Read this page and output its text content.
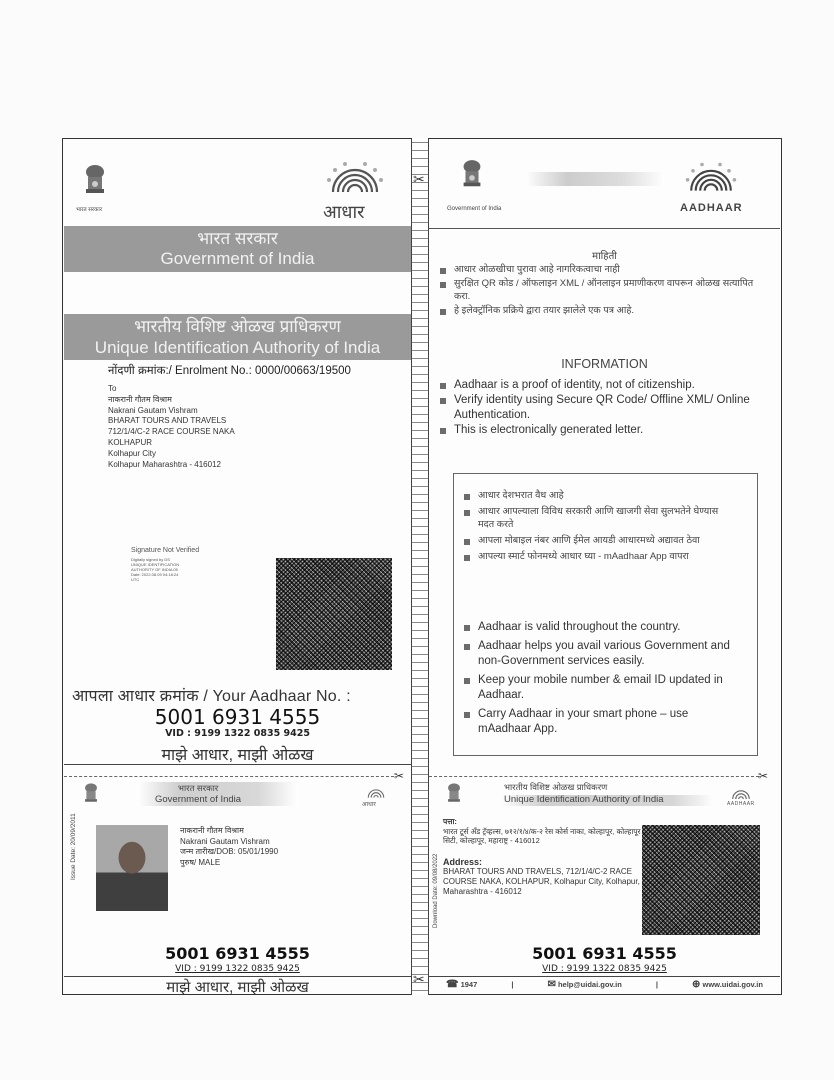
भारत सरकार	आधार
भारत सरकार
Government of India
भारतीय विशिष्ट ओळख प्राधिकरण
Unique Identification Authority of India
नोंदणी क्रमांक:/ Enrolment No.: 0000/00663/19500
To
नाकरानी गौतम विश्राम
Nakrani Gautam Vishram
BHARAT TOURS AND TRAVELS
712/1/4/C-2 RACE COURSE NAKA
KOLHAPUR
Kolhapur City
Kolhapur Maharashtra - 416012
Signature Not Verified
Digitally signed by DS
UNIQUE IDENTIFICATION
AUTHORITY OF INDIA 05
Date: 2022.08.09 04:18:24
UTC
आपला आधार क्रमांक / Your Aadhaar No. :
5001 6931 4555
VID : 9199 1322 0835 9425
माझे आधार, माझी ओळख
✂
भारत सरकार
Government of India	आधार
Issue Date: 20/09/2011	नाकरानी गौतम विश्राम
Nakrani Gautam Vishram
जन्म तारीख/DOB: 05/01/1990
पुरुष/ MALE
5001 6931 4555
VID : 9199 1322 0835 9425
माझे आधार, माझी ओळख
✂
✂
Government of India	AADHAAR
माहिती
आधार ओळखीचा पुरावा आहे नागरिकत्वाचा नाही
सुरक्षित QR कोड / ऑफलाइन XML / ऑनलाइन प्रमाणीकरण वापरून ओळख सत्यापित करा.
हे इलेक्ट्रॉनिक प्रक्रिये द्वारा तयार झालेले एक पत्र आहे.
INFORMATION
Aadhaar is a proof of identity, not of citizenship.
Verify identity using Secure QR Code/ Offline XML/ Online Authentication.
This is electronically generated letter.
आधार देशभरात वैध आहे
आधार आपल्याला विविध सरकारी आणि खाजगी सेवा सुलभतेने घेण्यास मदत करते
आपला मोबाइल नंबर आणि ईमेल आयडी आधारमध्ये अद्यावत ठेवा
आपल्या स्मार्ट फोनमध्ये आधार घ्या - mAadhaar App वापरा
Aadhaar is valid throughout the country.
Aadhaar helps you avail various Government and non-Government services easily.
Keep your mobile number & email ID updated in Aadhaar.
Carry Aadhaar in your smart phone – use mAadhaar App.
✂
भारतीय विशिष्ट ओळख प्राधिकरण
Unique Identification Authority of India	AADHAAR
Download Date: 09/08/2022
पत्ता:
भारत टूर्स अँड ट्रॅव्हल्स, ७१२/१/४/क-२ रेस कोर्स नाका, कोल्हापूर, कोल्हापूर सिटी, कोल्हापूर, महाराष्ट्र - 416012
Address:
BHARAT TOURS AND TRAVELS, 712/1/4/C-2 RACE COURSE NAKA, KOLHAPUR, Kolhapur City, Kolhapur, Maharashtra - 416012
5001 6931 4555
VID : 9199 1322 0835 9425
☎ 1947	|	✉ help@uidai.gov.in	|	⊕ www.uidai.gov.in
